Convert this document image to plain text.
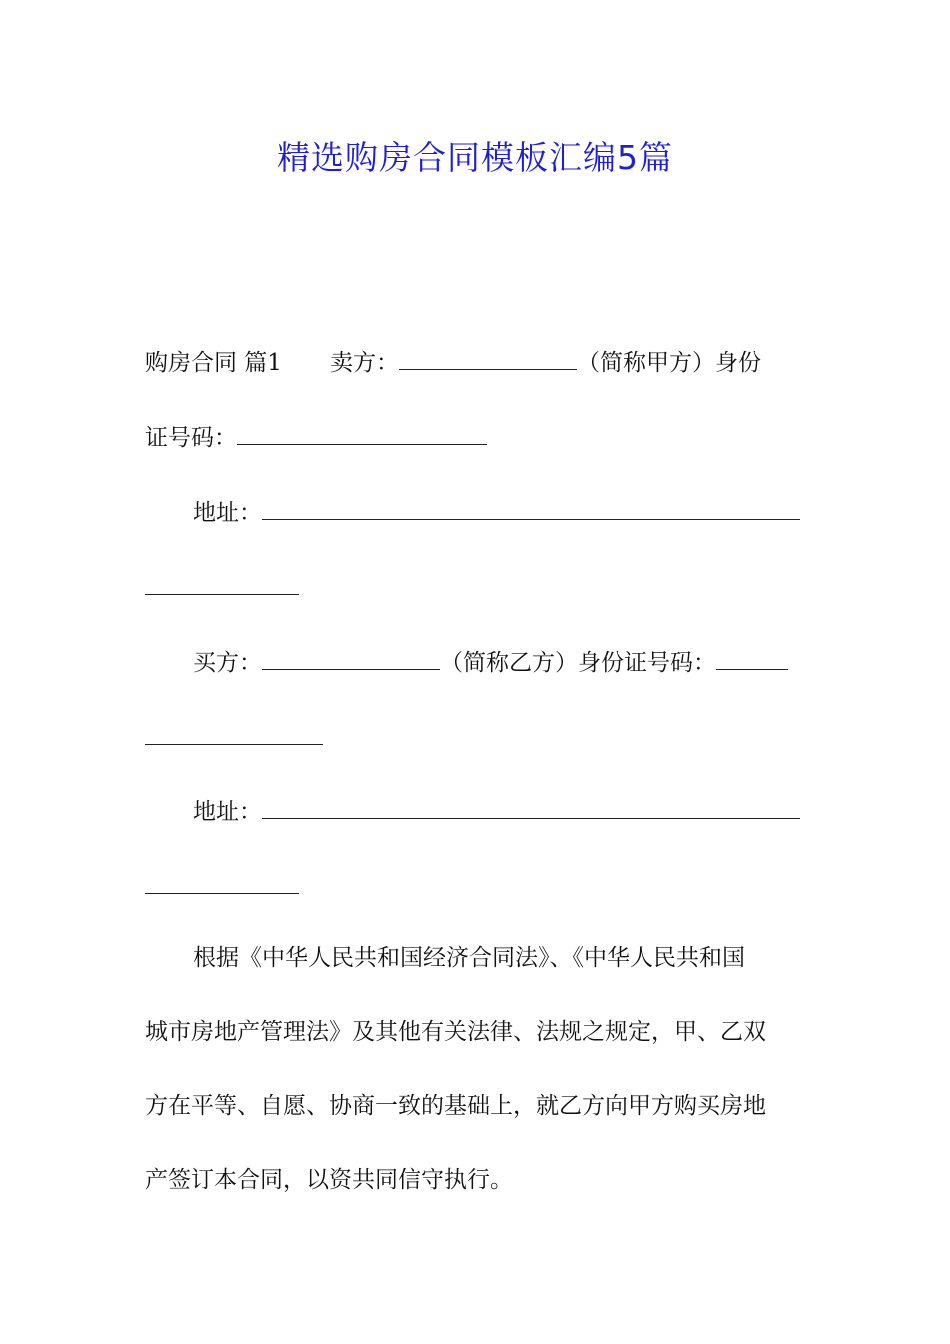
精选购房合同模板汇编5篇
购房合同 篇1 卖方：	（简称甲方）身份
证号码：
地址：
买方：	（简称乙方）身份证号码：
地址：
根据《中华人民共和国经济合同法》、《中华人民共和国
城市房地产管理法》及其他有关法律、法规之规定，甲、乙双
方在平等、自愿、协商一致的基础上，就乙方向甲方购买房地
产签订本合同，以资共同信守执行。
